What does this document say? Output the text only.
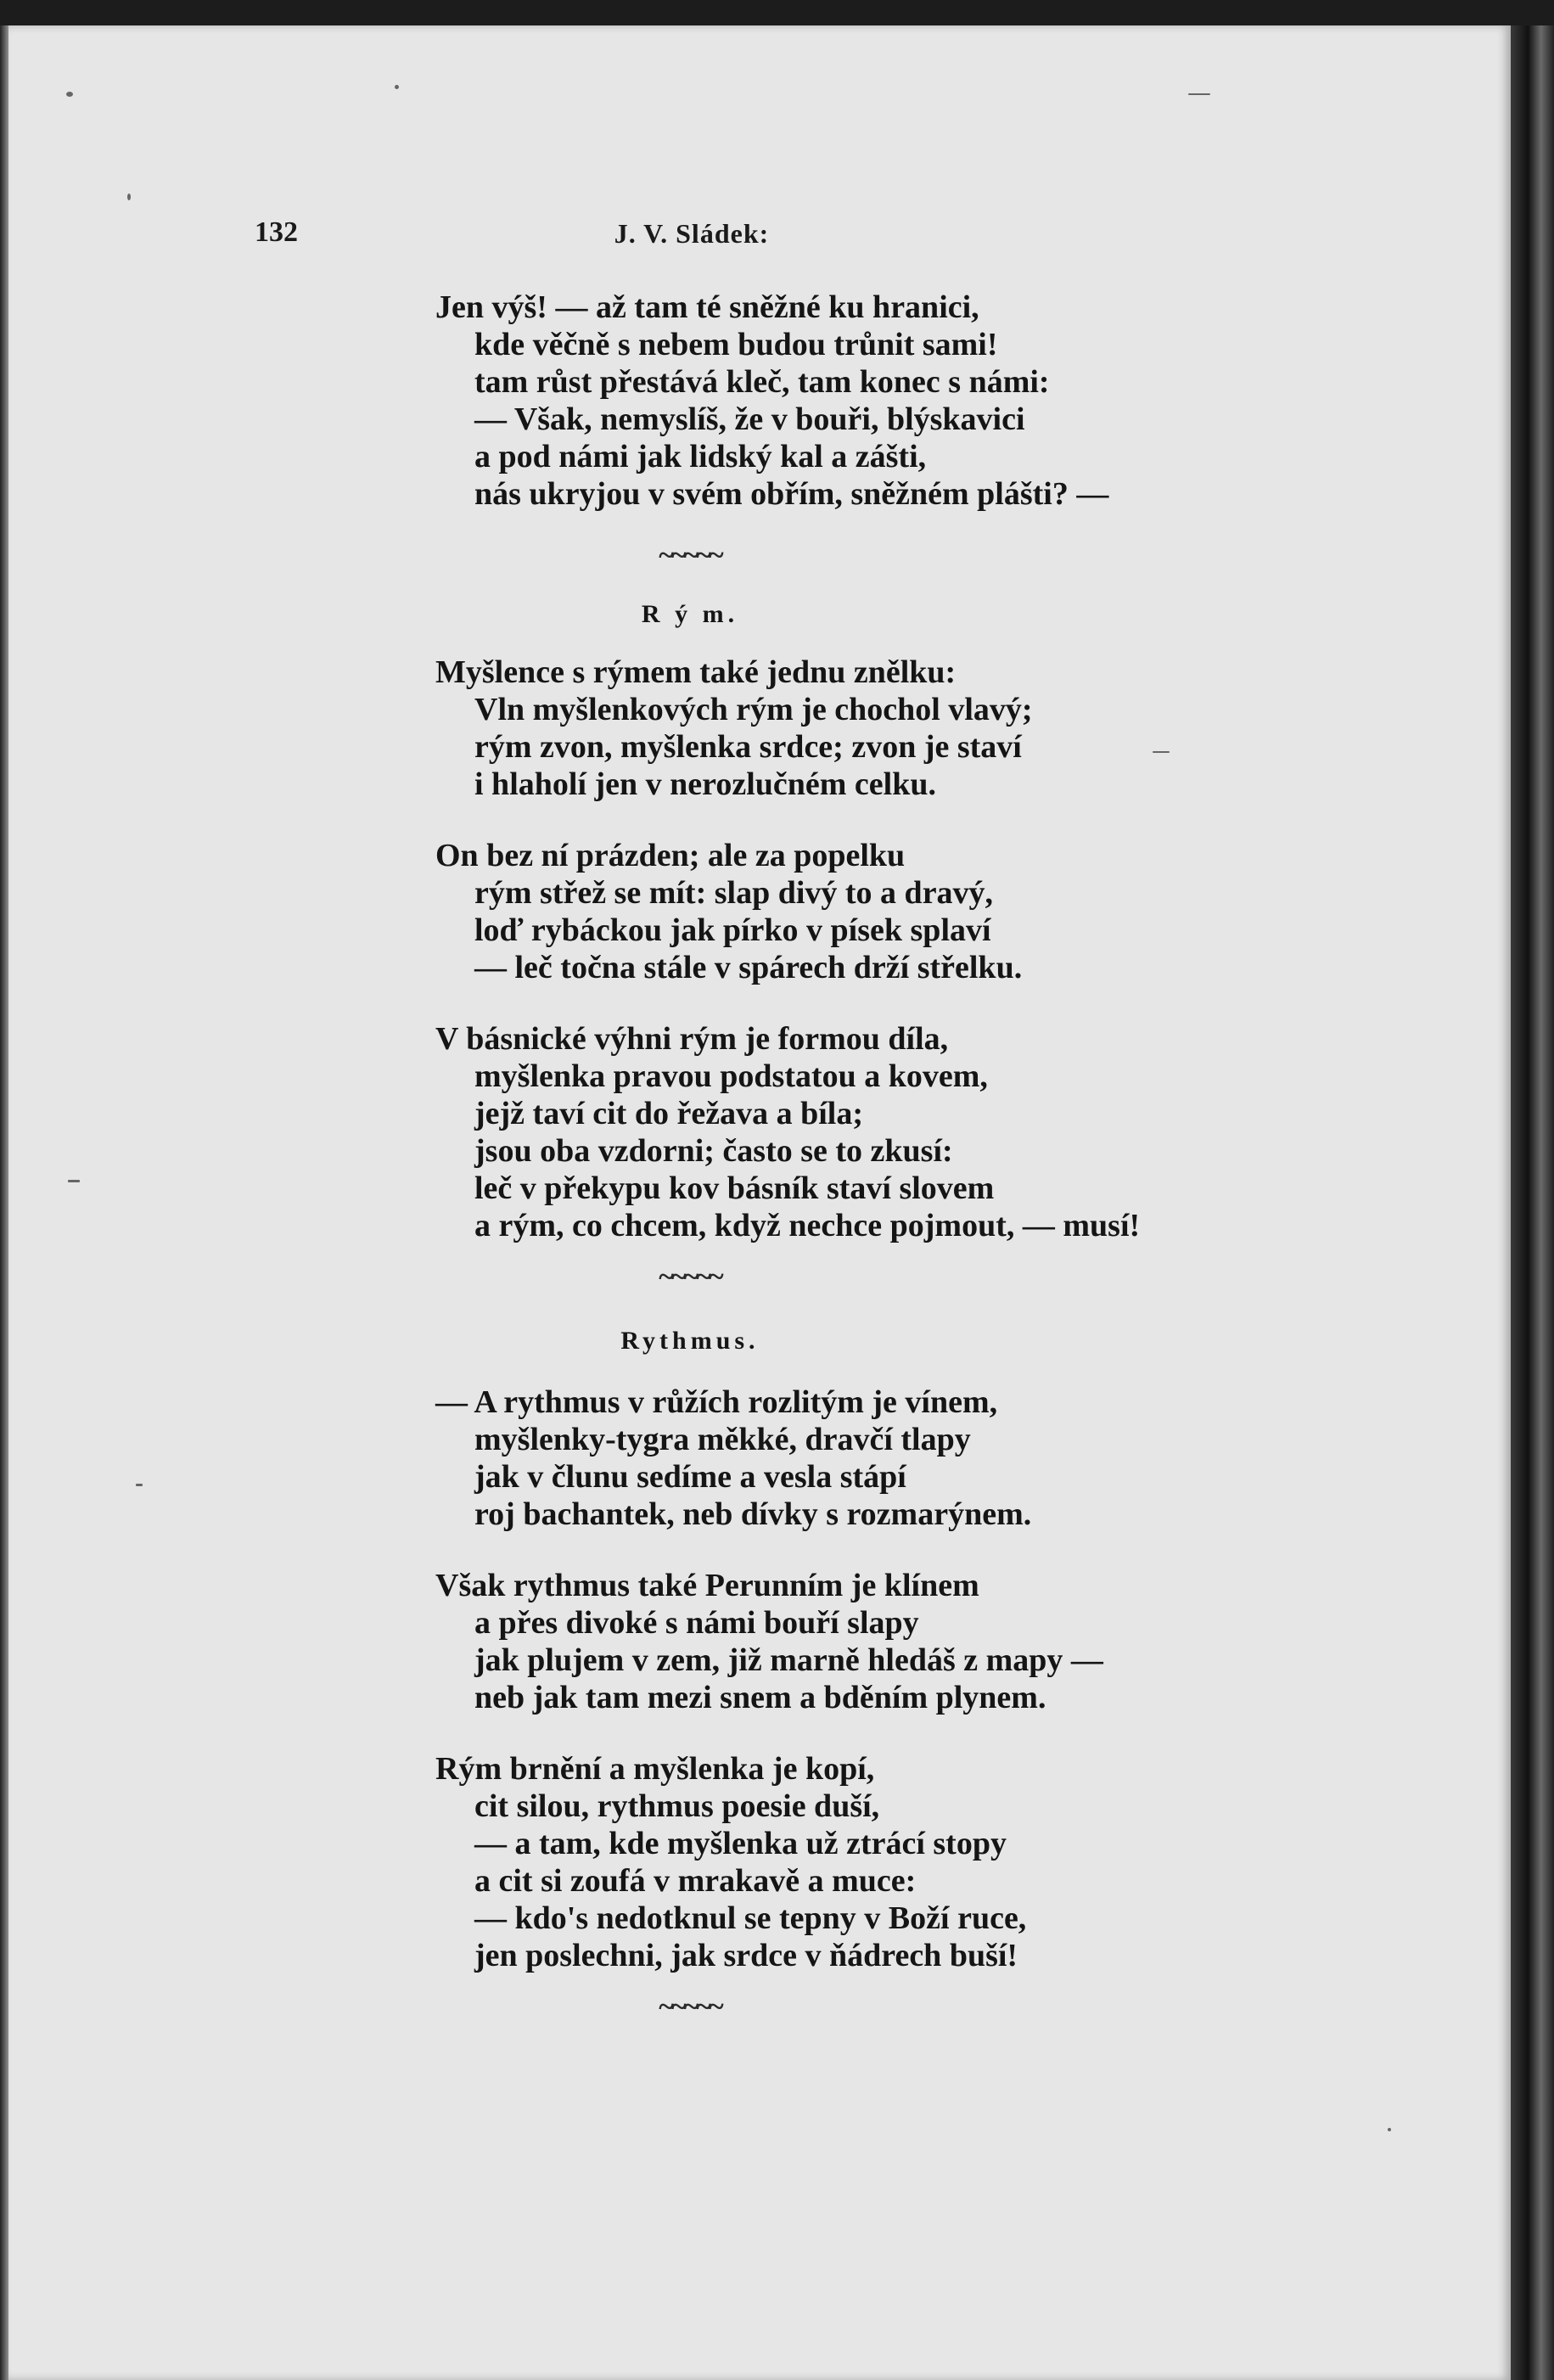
132	J. V. Sládek:
Jen výš! — až tam té sněžné ku hranici,
kde věčně s nebem budou trůnit sami!
tam růst přestává kleč, tam konec s námi:
— Však, nemyslíš, že v bouři, blýskavici
a pod námi jak lidský kal a zášti,
nás ukryjou v svém obřím, sněžném plášti? —
~~~~~
R ý m.
Myšlence s rýmem také jednu znělku:
Vln myšlenkových rým je chochol vlavý;
rým zvon, myšlenka srdce; zvon je staví
i hlaholí jen v nerozlučném celku.
On bez ní prázden; ale za popelku
rým střež se mít: slap divý to a dravý,
loď rybáckou jak pírko v písek splaví
— leč točna stále v spárech drží střelku.
V básnické výhni rým je formou díla,
myšlenka pravou podstatou a kovem,
jejž taví cit do řežava a bíla;
jsou oba vzdorni; často se to zkusí:
leč v překypu kov básník staví slovem
a rým, co chcem, když nechce pojmout, — musí!
~~~~~
Rythmus.
— A rythmus v růžích rozlitým je vínem,
myšlenky-tygra měkké, dravčí tlapy
jak v člunu sedíme a vesla stápí
roj bachantek, neb dívky s rozmarýnem.
Však rythmus také Perunním je klínem
a přes divoké s námi bouří slapy
jak plujem v zem, již marně hledáš z mapy —
neb jak tam mezi snem a bděním plynem.
Rým brnění a myšlenka je kopí,
cit silou, rythmus poesie duší,
— a tam, kde myšlenka už ztrácí stopy
a cit si zoufá v mrakavě a muce:
— kdo's nedotknul se tepny v Boží ruce,
jen poslechni, jak srdce v ňádrech buší!
~~~~~
